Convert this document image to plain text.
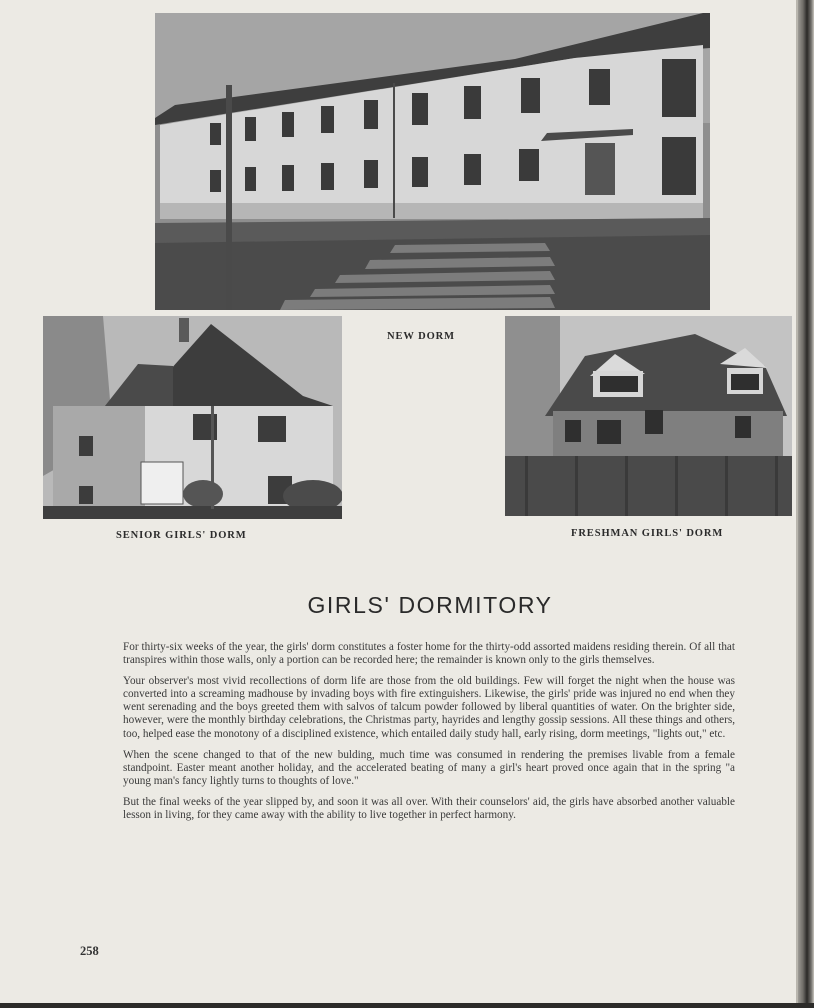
NEW DORM
SENIOR GIRLS' DORM	FRESHMAN GIRLS' DORM
GIRLS' DORMITORY

For thirty-six weeks of the year, the girls' dorm constitutes a foster home for the thirty-odd assorted maidens residing therein. Of all that transpires within those walls, only a portion can be recorded here; the remainder is known only to the girls themselves.

Your observer's most vivid recollections of dorm life are those from the old buildings. Few will forget the night when the house was converted into a screaming madhouse by invading boys with fire extinguishers. Likewise, the girls' pride was injured no end when they went serenading and the boys greeted them with salvos of talcum powder followed by liberal quantities of water. On the brighter side, however, were the monthly birthday celebrations, the Christmas party, hayrides and lengthy gossip sessions. All these things and others, too, helped ease the monotony of a disciplined existence, which entailed daily study hall, early rising, dorm meetings, "lights out," etc.

When the scene changed to that of the new bulding, much time was consumed in rendering the premises livable from a female standpoint. Easter meant another holiday, and the accelerated beating of many a girl's heart proved once again that in the spring "a young man's fancy lightly turns to thoughts of love."

But the final weeks of the year slipped by, and soon it was all over. With their counselors' aid, the girls have absorbed another valuable lesson in living, for they came away with the ability to live together in perfect harmony.

258
